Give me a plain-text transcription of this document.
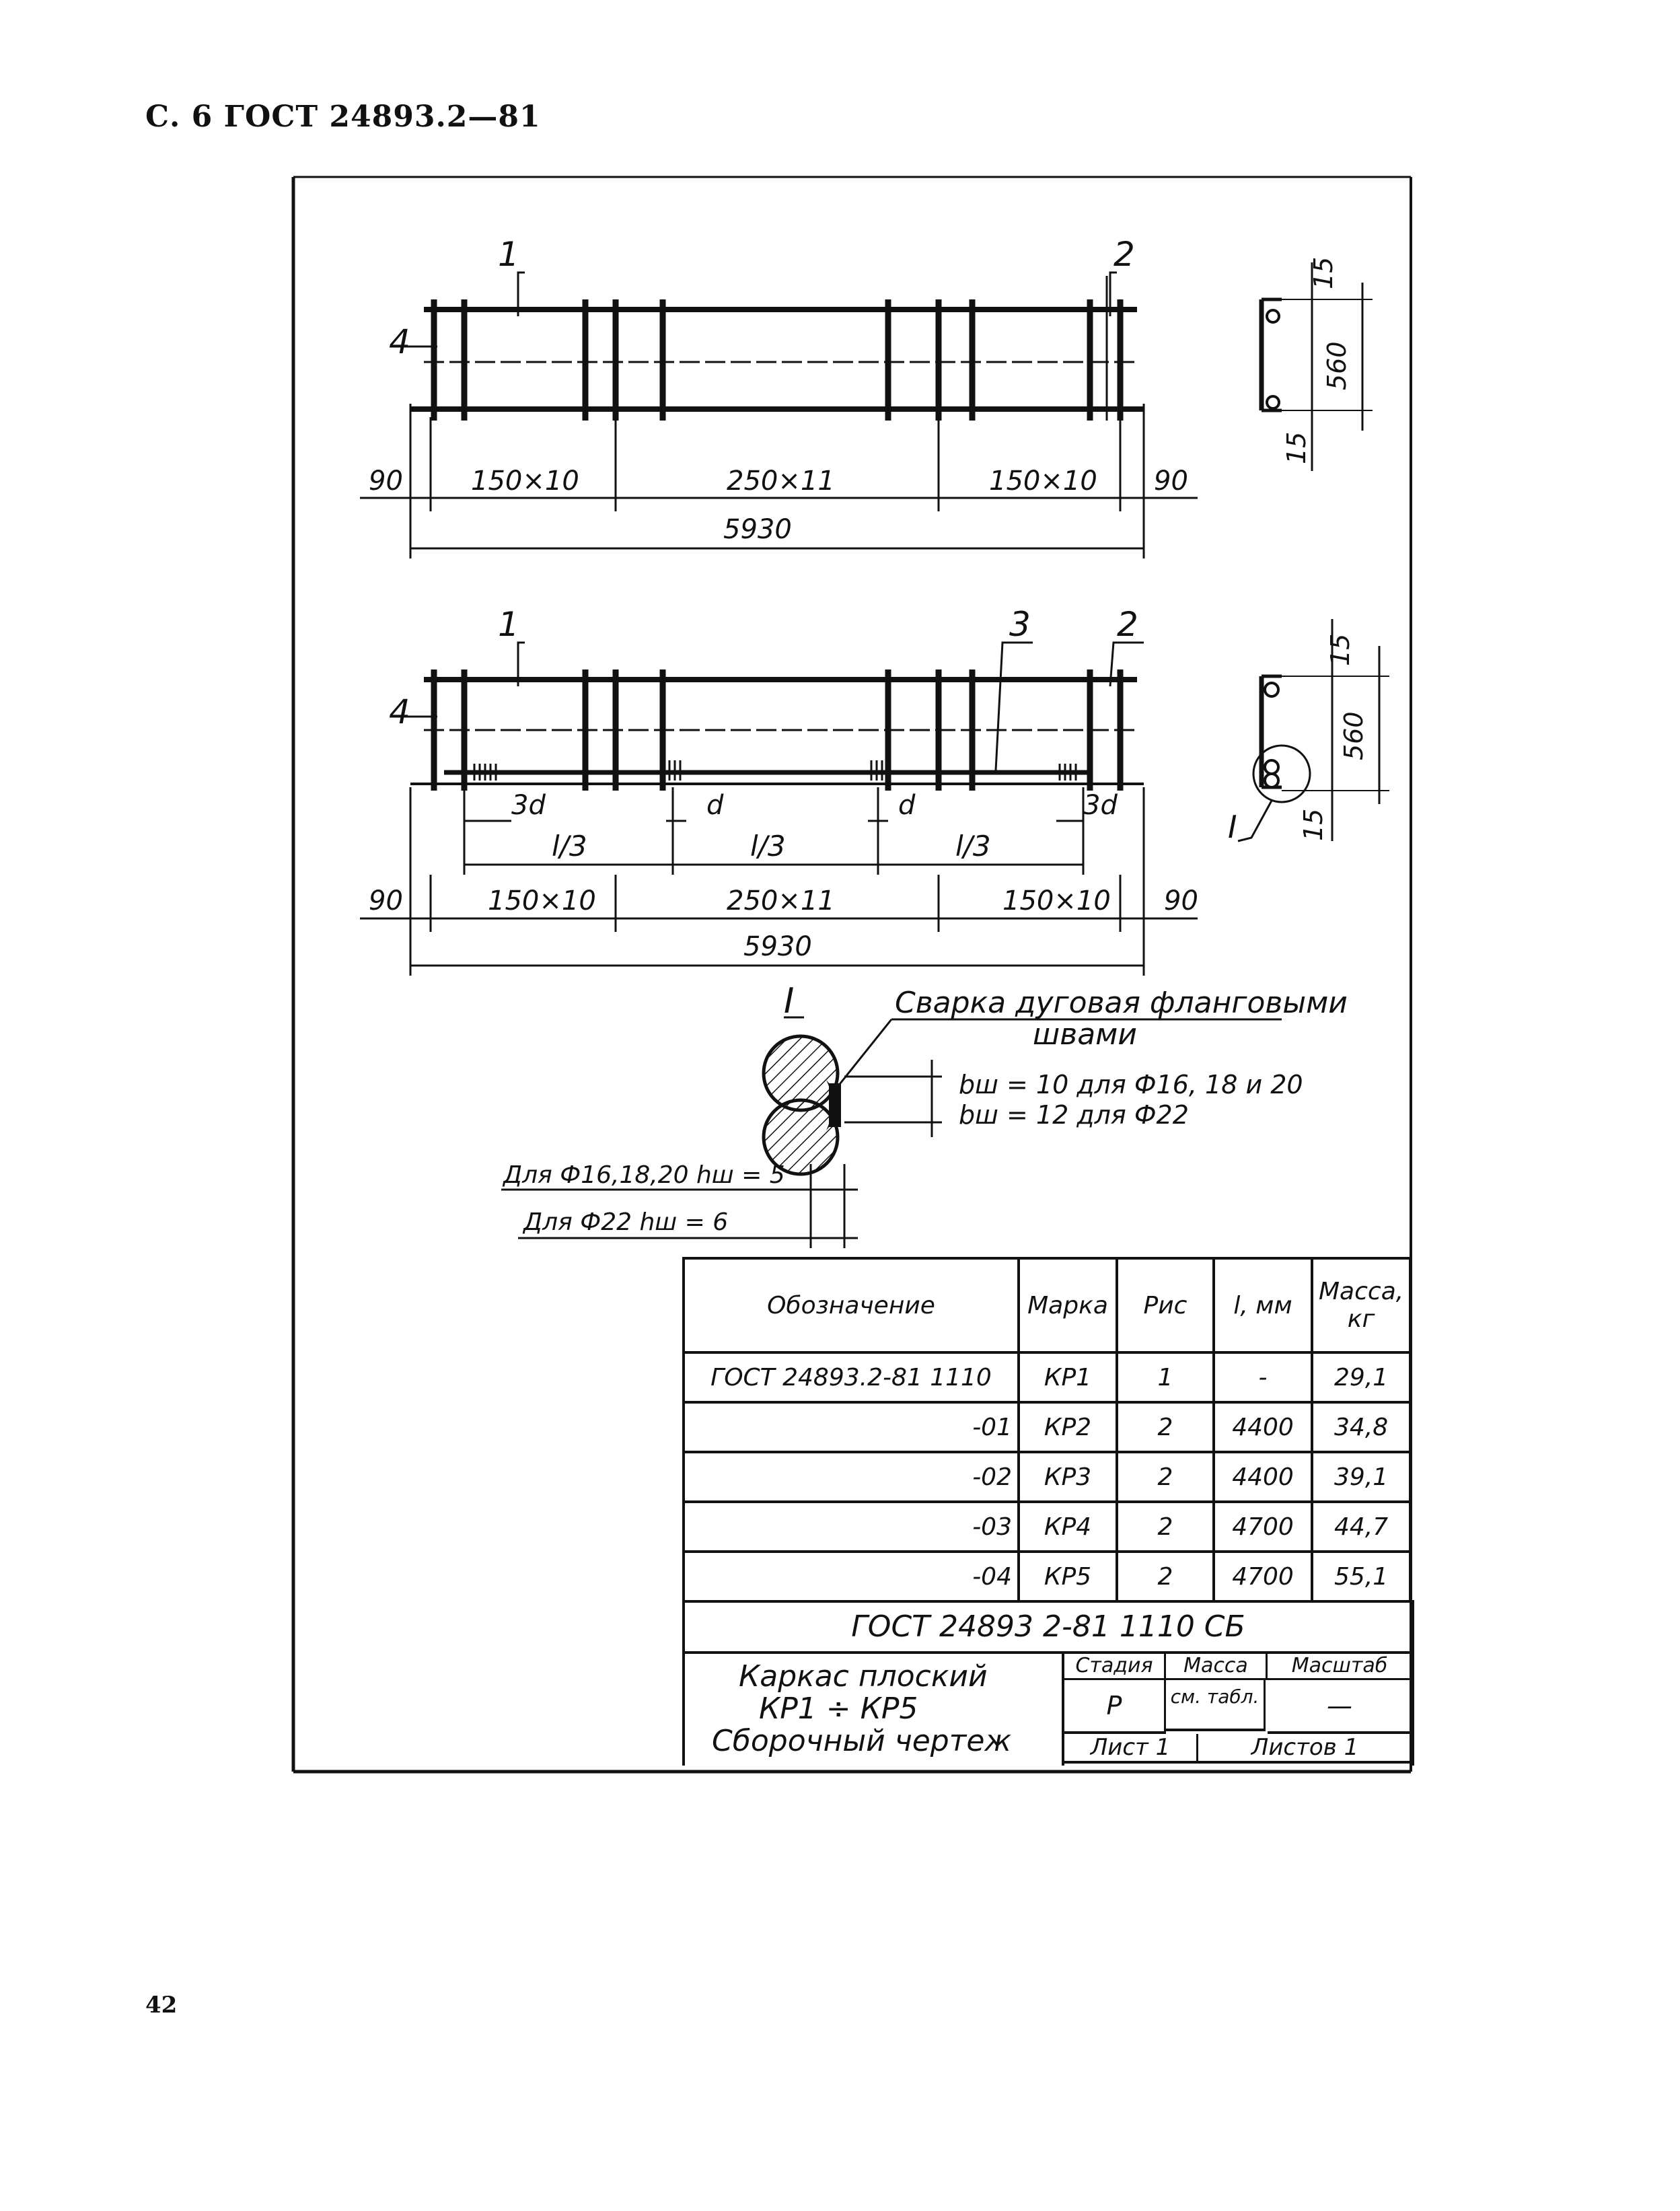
С. 6 ГОСТ 24893.2—81
1	2
4
90	150×10	250×11	150×10 90
5930
15
560
15
1	3	2
4
3d	d	d	3d
l/3	l/3	l/3
90	150×10	250×11	150×10 90
5930
I
15
560
15
I	Сварка дуговая фланговыми
швами
bш = 10 для Ф16, 18 и 20
bш = 12 для Ф22
Для Ф16,18,20 hш = 5
Для Ф22 hш = 6
Обозначение	Марка	Рис	l, мм	Масса, кг
ГОСТ 24893.2-81 1110	КР1	1	-	29,1
-01	КР2	2	4400	34,8
-02	КР3	2	4400	39,1
-03	КР4	2	4700	44,7
-04	КР5	2	4700	55,1
ГОСТ 24893 2-81 1110 СБ
Каркас плоский
КР1 ÷ КР5
Сборочный чертеж
Стадия	Масса	Масштаб
Р	см. табл.	—
Лист 1	Листов 1
42
